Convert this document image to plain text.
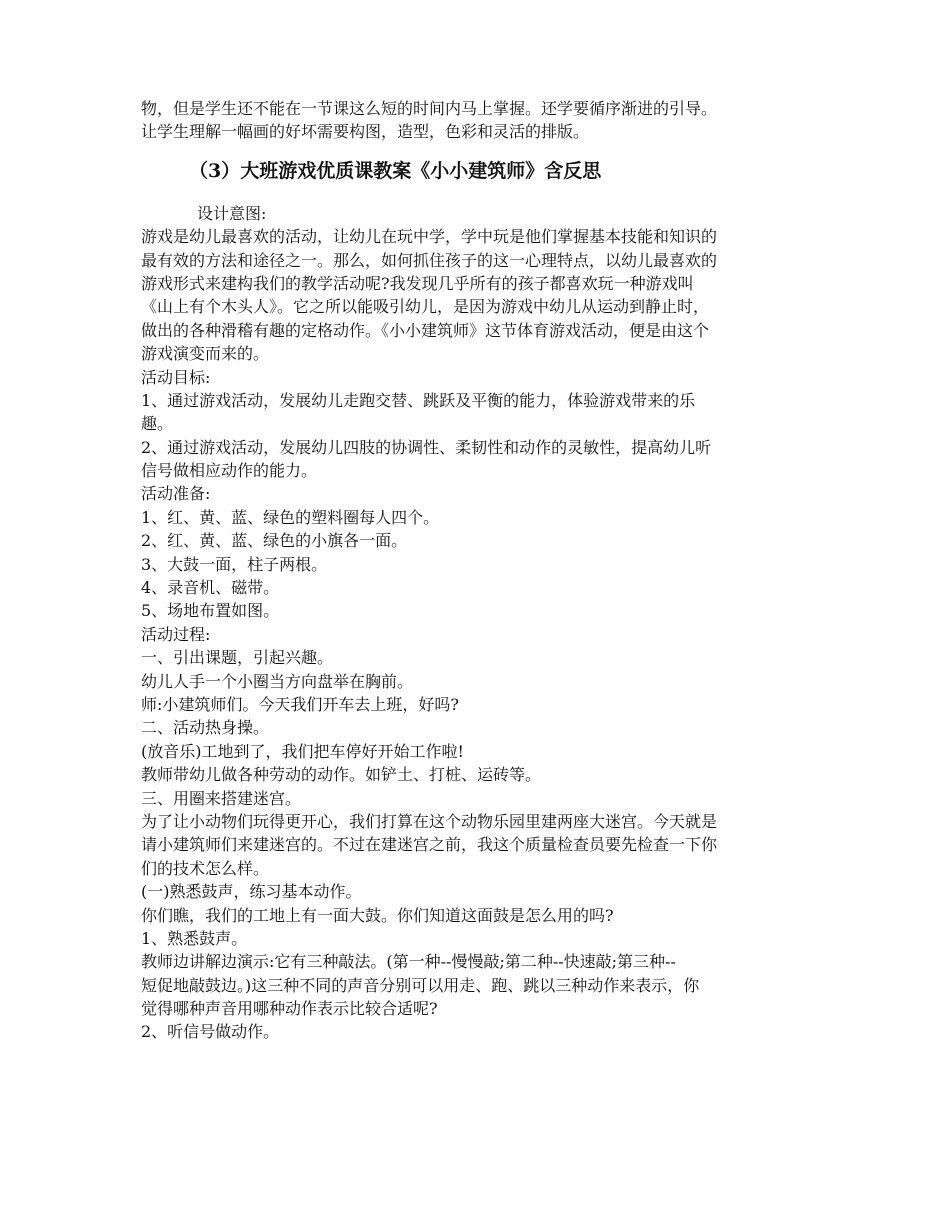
物，但是学生还不能在一节课这么短的时间内马上掌握。还学要循序渐进的引导。

让学生理解一幅画的好坏需要构图，造型，色彩和灵活的排版。

（3）大班游戏优质课教案《小小建筑师》含反思

设计意图:

游戏是幼儿最喜欢的活动，让幼儿在玩中学，学中玩是他们掌握基本技能和知识的

最有效的方法和途径之一。那么，如何抓住孩子的这一心理特点，以幼儿最喜欢的

游戏形式来建构我们的教学活动呢?我发现几乎所有的孩子都喜欢玩一种游戏叫

《山上有个木头人》。它之所以能吸引幼儿，是因为游戏中幼儿从运动到静止时，

做出的各种滑稽有趣的定格动作。《小小建筑师》这节体育游戏活动，便是由这个

游戏演变而来的。

活动目标:

1、通过游戏活动，发展幼儿走跑交替、跳跃及平衡的能力，体验游戏带来的乐

趣。

2、通过游戏活动，发展幼儿四肢的协调性、柔韧性和动作的灵敏性，提高幼儿听

信号做相应动作的能力。

活动准备:

1、红、黄、蓝、绿色的塑料圈每人四个。

2、红、黄、蓝、绿色的小旗各一面。

3、大鼓一面，柱子两根。

4、录音机、磁带。

5、场地布置如图。

活动过程:

一、引出课题，引起兴趣。

幼儿人手一个小圈当方向盘举在胸前。

师:小建筑师们。今天我们开车去上班，好吗?

二、活动热身操。

(放音乐)工地到了，我们把车停好开始工作啦!

教师带幼儿做各种劳动的动作。如铲土、打桩、运砖等。

三、用圈来搭建迷宫。

为了让小动物们玩得更开心，我们打算在这个动物乐园里建两座大迷宫。今天就是

请小建筑师们来建迷宫的。不过在建迷宫之前，我这个质量检查员要先检查一下你

们的技术怎么样。

(一)熟悉鼓声，练习基本动作。

你们瞧，我们的工地上有一面大鼓。你们知道这面鼓是怎么用的吗?

1、熟悉鼓声。

教师边讲解边演示:它有三种敲法。(第一种--慢慢敲;第二种--快速敲;第三种--

短促地敲鼓边。)这三种不同的声音分别可以用走、跑、跳以三种动作来表示，你

觉得哪种声音用哪种动作表示比较合适呢?

2、听信号做动作。
